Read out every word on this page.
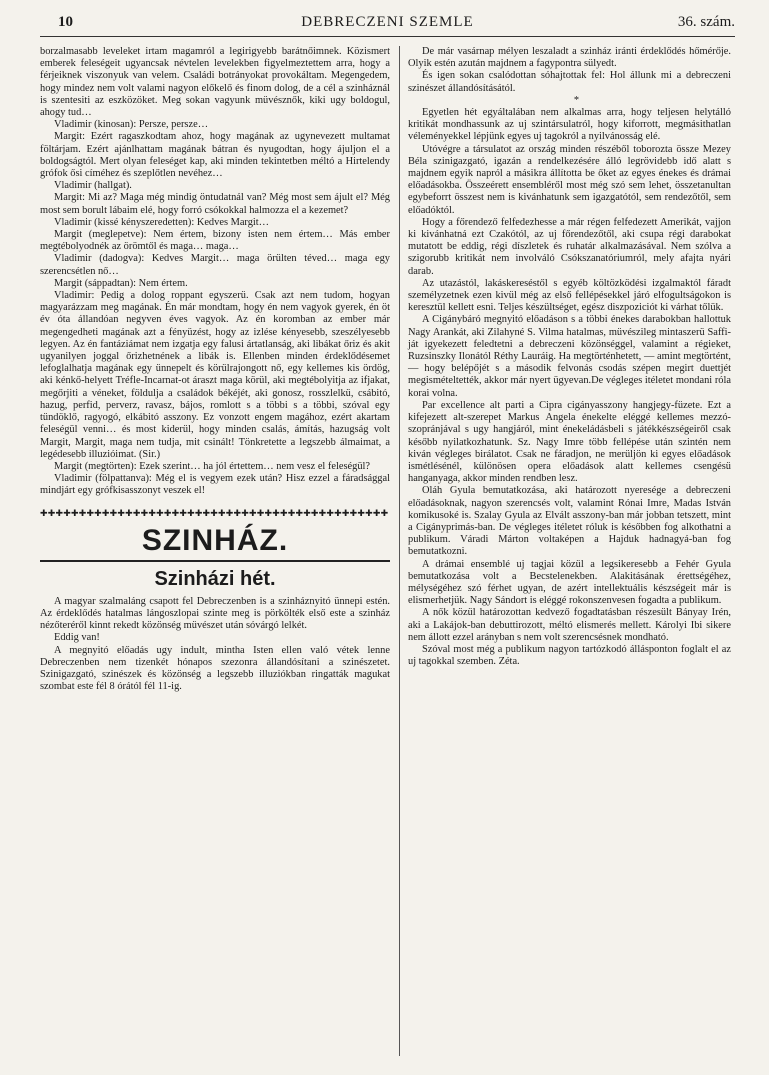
10	DEBRECZENI SZEMLE	36. szám.

borzalmasabb leveleket irtam magamról a legirigyebb barátnőimnek. Közismert emberek feleségeit ugyancsak névtelen levelekben figyelmeztettem arra, hogy a férjeiknek viszonyuk van velem. Családi botrányokat provokáltam. Megengedem, hogy mindez nem volt valami nagyon előkelő és finom dolog, de a cél a szinháznál is szentesiti az eszközöket. Meg sokan vagyunk müvésznők, kiki ugy boldogul, ahogy tud…

Vladimir (kinosan): Persze, persze…

Margit: Ezért ragaszkodtam ahoz, hogy magának az ugynevezett multamat föltárjam. Ezért ajánlhattam magának bátran és nyugodtan, hogy ájuljon el a boldogságtól. Mert olyan feleséget kap, aki minden tekintetben méltó a Hirtelendy grófok ősi címéhez és szeplőtlen nevéhez…

Vladimir (hallgat).

Margit: Mi az? Maga még mindig öntudatnál van? Még most sem ájult el? Még most sem borult lábaim elé, hogy forró csókokkal halmozza el a kezemet?

Vladimir (kissé kényszeredetten): Kedves Margit…

Margit (meglepetve): Nem értem, bizony isten nem értem… Más ember megtébolyodnék az örömtől és maga… maga…

Vladimir (dadogva): Kedves Margit… maga örülten téved… maga egy szerencsétlen nő…

Margit (sáppadtan): Nem értem.

Vladimir: Pedig a dolog roppant egyszerü. Csak azt nem tudom, hogyan magyarázzam meg magának. Én már mondtam, hogy én nem vagyok gyerek, én öt év óta állandóan negyven éves vagyok. Az én koromban az ember már megengedheti magának azt a fényüzést, hogy az izlése kényesebb, szeszélyesebb legyen. Az én fantáziámat nem izgatja egy falusi ártatlanság, aki libákat őriz és akit ugyanilyen joggal őrizhetnének a libák is. Ellenben minden érdeklődésemet lefoglalhatja magának egy ünnepelt és körülrajongott nő, egy kellemes kis ördög, aki kénkő-helyett Tréfle-Incarnat-ot áraszt maga körül, aki megtébolyitja az ifjakat, megőrjiti a véneket, földulja a családok békéjét, aki gonosz, rosszlelkü, csábitó, hazug, perfid, perverz, ravasz, bájos, romlott s a többi s a többi, szóval egy tündöklő, ragyogó, elkábitó asszony. Ez vonzott engem magához, ezért akartam feleségül venni… és most kiderül, hogy minden csalás, ámítás, hazugság volt Margit, Margit, maga nem tudja, mit csinált! Tönkretette a legszebb álmaimat, a legédesebb illuzióimat. (Sir.)

Margit (megtörten): Ezek szerint… ha jól értettem… nem vesz el feleségül?

Vladimir (fölpattanva): Még el is vegyem ezek után? Hisz ezzel a fáradsággal mindjárt egy grófkisasszonyt veszek el!

✚✚✚✚✚✚✚✚✚✚✚✚✚✚✚✚✚✚✚✚✚✚✚✚✚✚✚✚✚✚✚✚✚✚✚✚✚✚✚✚✚✚✚✚✚
SZINHÁZ.
Szinházi hét.

A magyar szalmaláng csapott fel Debreczenben is a szinháznyitó ünnepi estén. Az érdeklődés hatalmas lángoszlopai szinte meg is pörkölték első este a szinház nézőteréről kinnt rekedt közönség müvészet után sóvárgó lelkét.

Eddig van!

A megnyitó előadás ugy indult, mintha Isten ellen való vétek lenne Debreczenben nem tizenkét hónapos szezonra állandósítani a szinészetet. Szinigazgató, szinészek és közönség a legszebb illuziókban ringatták magukat szombat este fél 8 órától fél 11-ig.

De már vasárnap mélyen leszaladt a szinház iránti érdeklődés hőmérője. Olyik estén azután majdnem a fagypontra sülyedt.

És igen sokan csalódottan sóhajtottak fel: Hol állunk mi a debreczeni szinészet állandósításától.

*

Egyetlen hét egyáltalában nem alkalmas arra, hogy teljesen helytálló kritikát mondhassunk az uj szintársulatról, hogy kiforrott, megmásithatlan véleményekkel lépjünk egyes uj tagokról a nyilvánosság elé.

Utóvégre a társulatot az ország minden részéből toborozta össze Mezey Béla szinigazgató, igazán a rendelkezésére álló legrövidebb idő alatt s majdnem egyik napról a másikra állította be őket az egyes énekes és drámai előadásokba. Összeérett ensembléről most még szó sem lehet, összetanultan egybeforrt összest nem is kivánhatunk sem igazgatótól, sem rendezőtől, sem előadóktól.

Hogy a főrendező felfedezhesse a már régen felfedezett Amerikát, vajjon ki kivánhatná ezt Czakótól, az uj főrendezőtől, aki csupa régi darabokat mutatott be eddig, régi díszletek és ruhatár alkalmazásával. Nem szólva a szigorubb kritikát nem involváló Csókszanatóriumról, mely afajta nyári darab.

Az utazástól, lakáskereséstől s egyéb költözködési izgalmaktól fáradt személyzetnek ezen kivül még az első fellépésekkel járó elfogultságokon is keresztül kellett esni. Teljes készültséget, egész diszpoziciót ki várhat tőlük.

A Cigánybáró megnyitó előadáson s a többi énekes darabokban hallottuk Nagy Arankát, aki Zilahyné S. Vilma hatalmas, müvészileg mintaszerü Saffi-ját igyekezett feledtetni a debreczeni közönséggel, valamint a régieket, Ruzsinszky Ilonától Réthy Lauráig. Ha megtörténhetett, — amint megtörtént, — hogy belépőjét s a második felvonás csodás szépen megirt duettjét megismételtették, akkor már nyert ügyevan.De végleges itéletet mondani róla korai volna.

Par excellence alt parti a Cipra cigányasszony hangjegy-füzete. Ezt a kifejezett alt-szerepet Markus Angela énekelte eléggé kellemes mezzó-szopránjával s ugy hangjáról, mint énekeládásbeli s játékkészségeiről csak később nyilatkozhatunk. Sz. Nagy Imre több fellépése után szintén nem kiván végleges birálatot. Csak ne fáradjon, ne merüljön ki egyes előadások ismétlésénél, különösen opera előadások alatt kellemes csengésü hanganyaga, akkor minden rendben lesz.

Oláh Gyula bemutatkozása, aki határozott nyeresége a debreczeni előadásoknak, nagyon szerencsés volt, valamint Rónai Imre, Madas István komikusoké is. Szalay Gyula az Elvált asszony-ban már jobban tetszett, mint a Cigányprimás-ban. De végleges itéletet róluk is későbben fog alkothatni a publikum. Váradi Márton voltaképen a Hajduk hadnagyá-ban fog bemutatkozni.

A drámai ensemblé uj tagjai közül a legsikeresebb a Fehér Gyula bemutatkozása volt a Becstelenekben. Alakitásának érettségéhez, mélységéhez szó férhet ugyan, de azért intellektuális készségeit már is elismerhetjük. Nagy Sándort is eléggé rokonszenvesen fogadta a publikum.

A nők közül határozottan kedvező fogadtatásban részesült Bányay Irén, aki a Lakájok-ban debuttirozott, méltó elismerés mellett. Károlyi Ibi sikere nem állott ezzel arányban s nem volt szerencsésnek mondható.

Szóval most még a publikum nagyon tartózkodó állásponton foglalt el az uj tagokkal szemben. Zéta.
